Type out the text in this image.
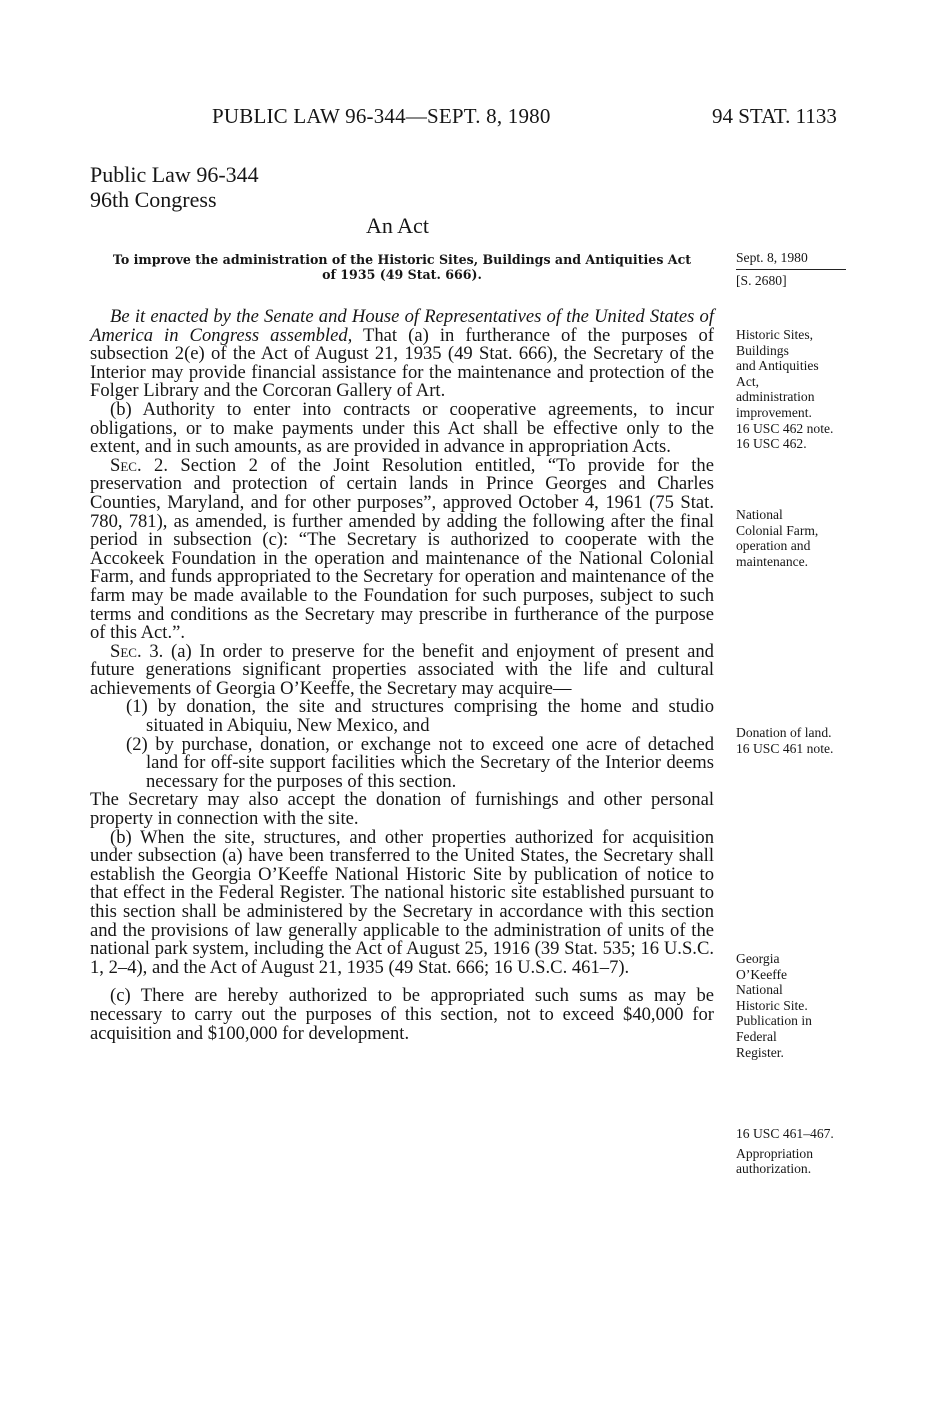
PUBLIC LAW 96-344—SEPT. 8, 1980	94 STAT. 1133
Public Law 96-344
96th Congress
An Act
To improve the administration of the Historic Sites, Buildings and Antiquities Act
of 1935 (49 Stat. 666).
Sept. 8, 1980
[S. 2680]

Be it enacted by the Senate and House of Representatives of the United States of America in Congress assembled, That (a) in furtherance of the purposes of subsection 2(e) of the Act of August 21, 1935 (49 Stat. 666), the Secretary of the Interior may provide financial assistance for the maintenance and protection of the Folger Library and the Corcoran Gallery of Art.

(b) Authority to enter into contracts or cooperative agreements, to incur obligations, or to make payments under this Act shall be effective only to the extent, and in such amounts, as are provided in advance in appropriation Acts.

Sec. 2. Section 2 of the Joint Resolution entitled, “To provide for the preservation and protection of certain lands in Prince Georges and Charles Counties, Maryland, and for other purposes”, approved October 4, 1961 (75 Stat. 780, 781), as amended, is further amended by adding the following after the final period in subsection (c): “The Secretary is authorized to cooperate with the Accokeek Foundation in the operation and maintenance of the National Colonial Farm, and funds appropriated to the Secretary for operation and maintenance of the farm may be made available to the Foundation for such purposes, subject to such terms and conditions as the Secretary may prescribe in furtherance of the purpose of this Act.”.

Sec. 3. (a) In order to preserve for the benefit and enjoyment of present and future generations significant properties associated with the life and cultural achievements of Georgia O’Keeffe, the Secretary may acquire—

(1) by donation, the site and structures comprising the home and studio situated in Abiquiu, New Mexico, and

(2) by purchase, donation, or exchange not to exceed one acre of detached land for off-site support facilities which the Secretary of the Interior deems necessary for the purposes of this section.

The Secretary may also accept the donation of furnishings and other personal property in connection with the site.

(b) When the site, structures, and other properties authorized for acquisition under subsection (a) have been transferred to the United States, the Secretary shall establish the Georgia O’Keeffe National Historic Site by publication of notice to that effect in the Federal Register. The national historic site established pursuant to this section shall be administered by the Secretary in accordance with this section and the provisions of law generally applicable to the administration of units of the national park system, including the Act of August 25, 1916 (39 Stat. 535; 16 U.S.C. 1, 2–4), and the Act of August 21, 1935 (49 Stat. 666; 16 U.S.C. 461–7).

(c) There are hereby authorized to be appropriated such sums as may be necessary to carry out the purposes of this section, not to exceed $40,000 for acquisition and $100,000 for development.

Historic Sites,
Buildings
and Antiquities
Act,
administration
improvement.
16 USC 462 note.
16 USC 462.
National
Colonial Farm,
operation and
maintenance.
Donation of land.
16 USC 461 note.
Georgia
O’Keeffe
National
Historic Site.
Publication in
Federal
Register.
16 USC 461–467.
Appropriation
authorization.
